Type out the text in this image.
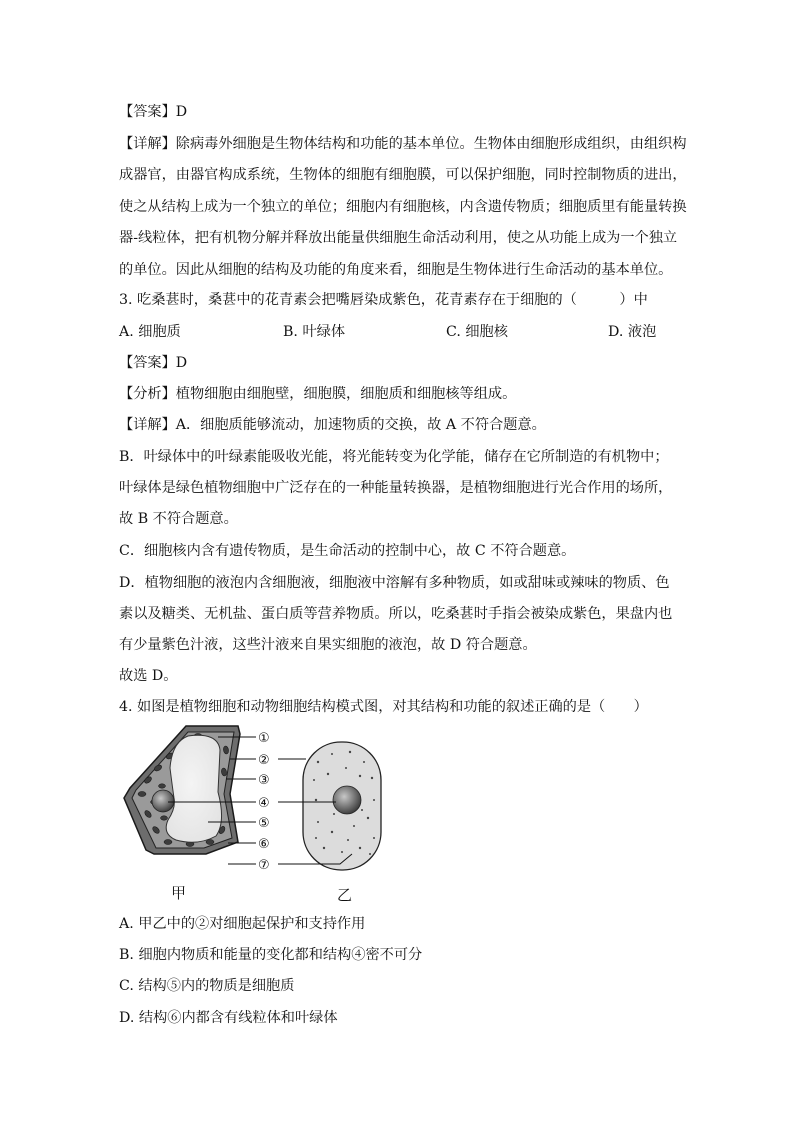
【答案】D
【详解】除病毒外细胞是生物体结构和功能的基本单位。生物体由细胞形成组织，由组织构
成器官，由器官构成系统，生物体的细胞有细胞膜，可以保护细胞，同时控制物质的进出，
使之从结构上成为一个独立的单位；细胞内有细胞核，内含遗传物质；细胞质里有能量转换
器-线粒体，把有机物分解并释放出能量供细胞生命活动利用，使之从功能上成为一个独立
的单位。因此从细胞的结构及功能的角度来看，细胞是生物体进行生命活动的基本单位。
3. 吃桑葚时，桑葚中的花青素会把嘴唇染成紫色，花青素存在于细胞的（　　　）中
A. 细胞质	B. 叶绿体	C. 细胞核	D. 液泡
【答案】D
【分析】植物细胞由细胞壁，细胞膜，细胞质和细胞核等组成。
【详解】A．细胞质能够流动，加速物质的交换，故 A 不符合题意。
B．叶绿体中的叶绿素能吸收光能，将光能转变为化学能，储存在它所制造的有机物中；
叶绿体是绿色植物细胞中广泛存在的一种能量转换器，是植物细胞进行光合作用的场所，
故 B 不符合题意。
C．细胞核内含有遗传物质，是生命活动的控制中心，故 C 不符合题意。
D．植物细胞的液泡内含细胞液，细胞液中溶解有多种物质，如或甜味或辣味的物质、色
素以及糖类、无机盐、蛋白质等营养物质。所以，吃桑葚时手指会被染成紫色，果盘内也
有少量紫色汁液，这些汁液来自果实细胞的液泡，故 D 符合题意。
故选 D。
4. 如图是植物细胞和动物细胞结构模式图，对其结构和功能的叙述正确的是（　　）
①
②
③
④
⑤
⑥
⑦
甲	乙
A. 甲乙中的②对细胞起保护和支持作用
B. 细胞内物质和能量的变化都和结构④密不可分
C. 结构⑤内的物质是细胞质
D. 结构⑥内都含有线粒体和叶绿体
